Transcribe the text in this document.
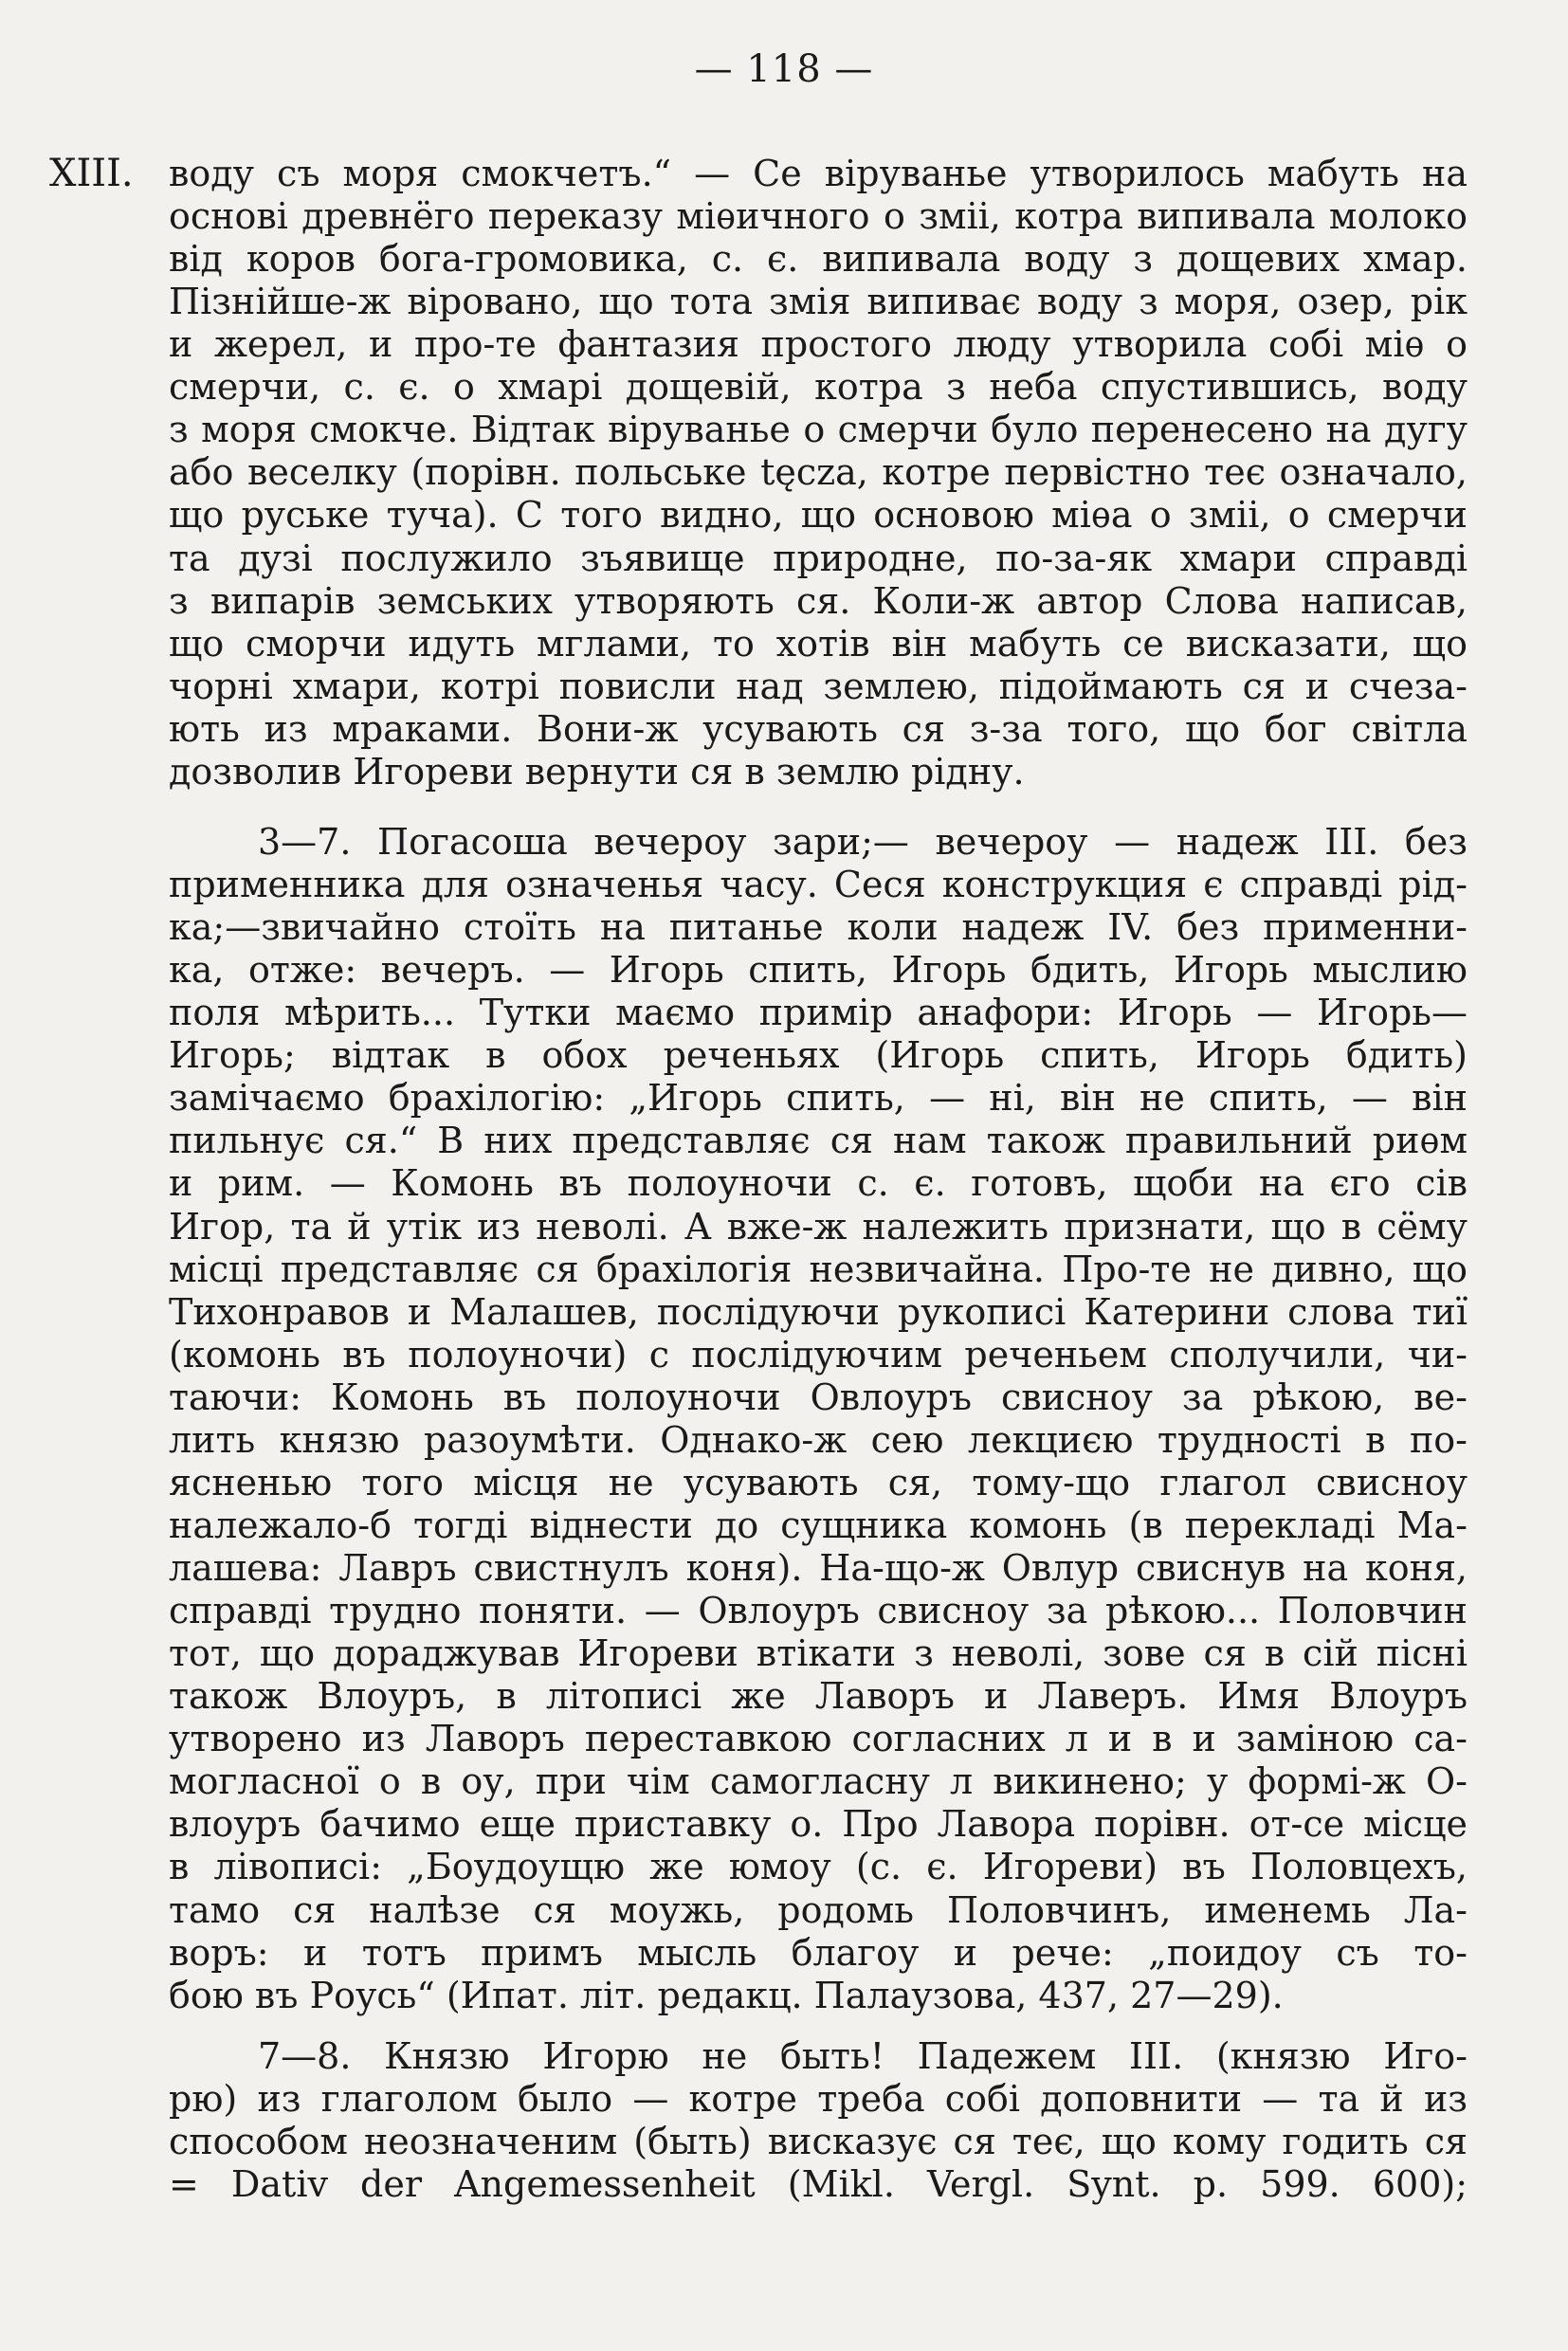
— 118 —
XIII. воду съ моря смокчетъ.“ — Се віруванье утворилось мабуть на
основі древнёго переказу міѳичного о зміі, котра випивала молоко
від коров бога-громовика, с. є. випивала воду з дощевих хмар.
Пізнійше-ж віровано, що тота змія випиває воду з моря, озер, рік
и жерел, и про-те фантазия простого люду утворила собі міѳ о
смерчи, с. є. о хмарі дощевій, котра з неба спустившись, воду
з моря смокче. Відтак віруванье о смерчи було перенесено на дугу
або веселку (порівн. польське tęcza, котре первістно теє означало,
що руське туча). С того видно, що основою міѳа о зміі, о смерчи
та дузі послужило зъявище природне, по-за-як хмари справді
з випарів земських утворяють ся. Коли-ж автор Слова написав,
що сморчи идуть мглами, то хотів він мабуть се висказати, що
чорні хмари, котрі повисли над землею, підоймають ся и счеза-
ють из мраками. Вони-ж усувають ся з-за того, що бог світла
дозволив Игореви вернути ся в землю рідну.
3—7. Погасоша вечероу зари;— вечероу — надеж III. без
применника для означенья часу. Сеся конструкция є справді рід-
ка;—звичайно стоїть на питанье коли надеж IV. без применни-
ка, отже: вечеръ. — Игорь спить, Игорь бдить, Игорь мыслию
поля мѣрить... Тутки маємо примір анафори: Игорь — Игорь—
Игорь; відтак в обох реченьях (Игорь спить, Игорь бдить)
замічаємо брахілогію: „Игорь спить, — ні, він не спить, — він
пильнує ся.“ В них представляє ся нам також правильний риѳм
и рим. — Комонь въ полоуночи с. є. готовъ, щоби на єго сів
Игор, та й утік из неволі. А вже-ж належить признати, що в сёму
місці представляє ся брахілогія незвичайна. Про-те не дивно, що
Тихонравов и Малашев, послідуючи рукописі Катерини слова тиї
(комонь въ полоуночи) с послідуючим реченьем сполучили, чи-
таючи: Комонь въ полоуночи Овлоуръ свисноу за рѣкою, ве-
лить князю разоумѣти. Однако-ж сею лекциєю трудності в по-
ясненью того місця не усувають ся, тому-що глагол свисноу
належало-б тогді віднести до сущника комонь (в перекладі Ма-
лашева: Лавръ свистнулъ коня). На-що-ж Овлур свиснув на коня,
справді трудно поняти. — Овлоуръ свисноу за рѣкою... Половчин
тот, що дораджував Игореви втікати з неволі, зове ся в сій пісні
також Влоуръ, в літописі же Лаворъ и Лаверъ. Имя Влоуръ
утворено из Лаворъ переставкою согласних л и в и заміною са-
могласної о в оу, при чім самогласну л викинено; у формі-ж О-
влоуръ бачимо еще приставку о. Про Лавора порівн. от-се місце
в лівописі: „Боудоущю же юмоу (с. є. Игореви) въ Половцехъ,
тамо ся налѣзе ся моужь, родомь Половчинъ, именемь Ла-
воръ: и тотъ примъ мысль благоу и рече: „поидоу съ то-
бою въ Роусь“ (Ипат. літ. редакц. Палаузова, 437, 27—29).
7—8. Князю Игорю не быть! Падежем III. (князю Иго-
рю) из глаголом было — котре треба собі доповнити — та й из
способом неозначеним (быть) висказує ся теє, що кому годить ся
= Dativ der Angemessenheit (Mikl. Vergl. Synt. p. 599. 600);
